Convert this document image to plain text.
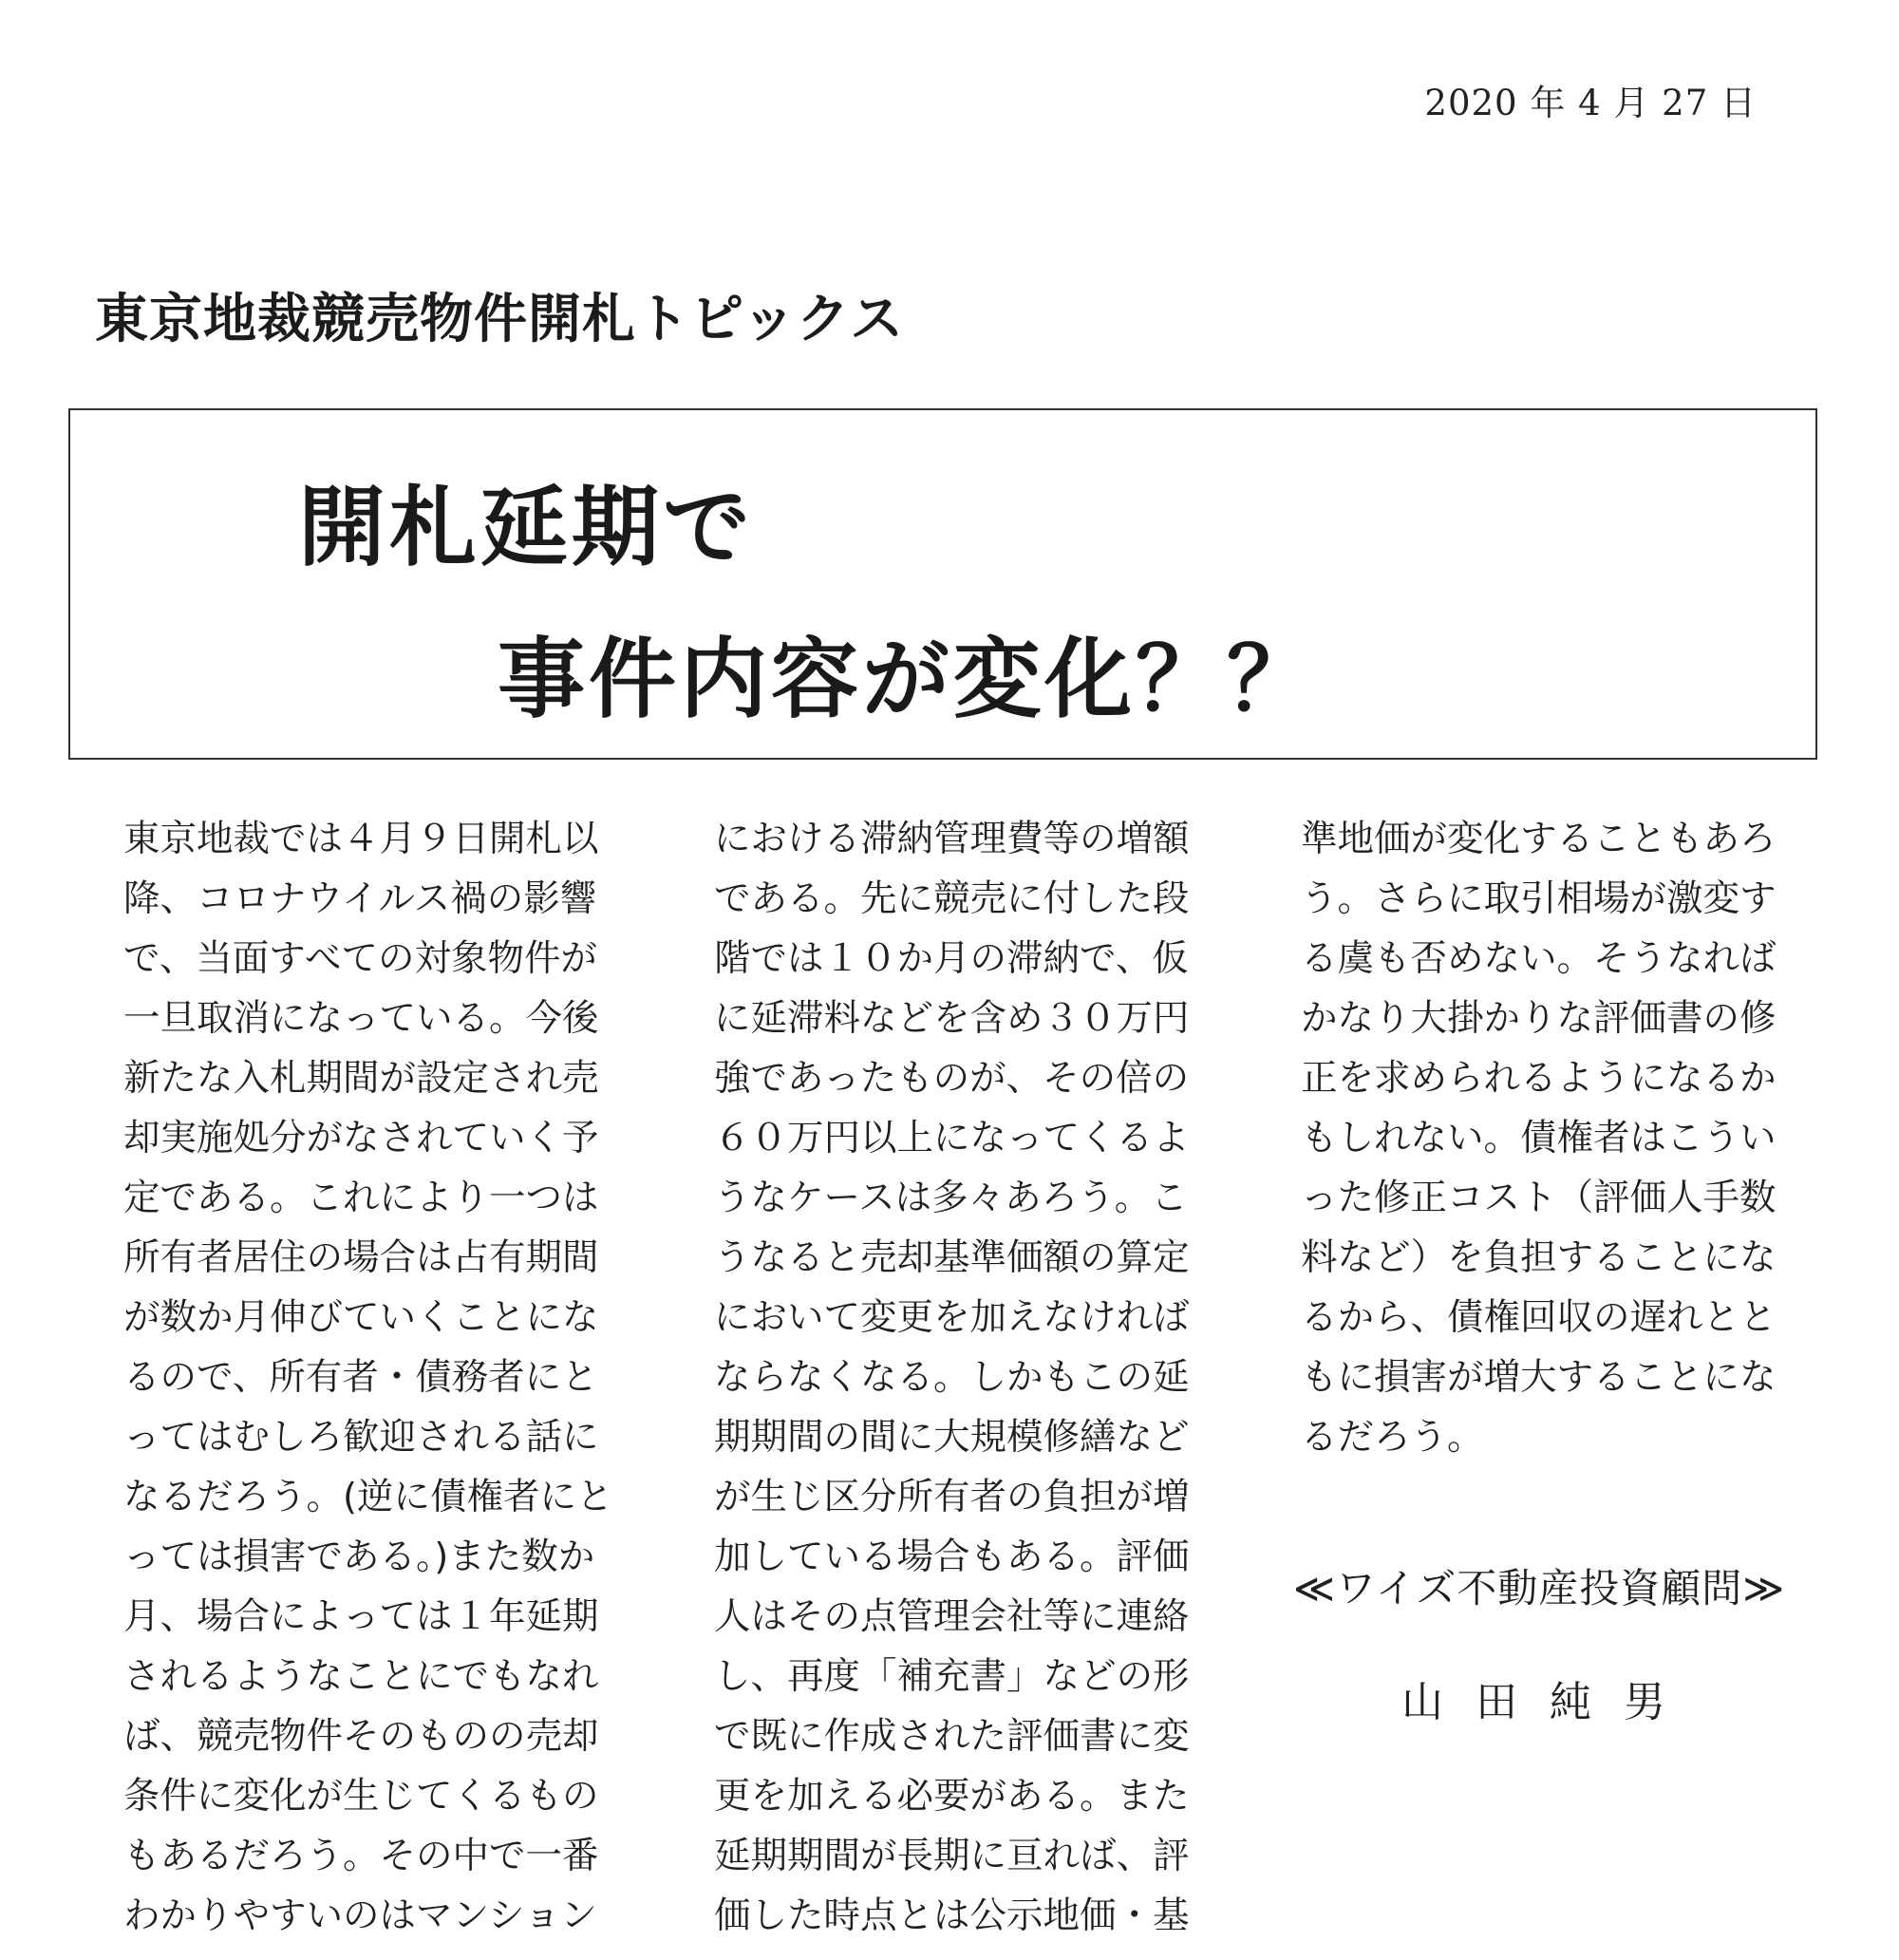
2020 年 4 月 27 日
東京地裁競売物件開札トピックス
開札延期で
事件内容が変化？？
東京地裁では４月９日開札以
降、コロナウイルス禍の影響
で、当面すべての対象物件が
一旦取消になっている。今後
新たな入札期間が設定され売
却実施処分がなされていく予
定である。これにより一つは
所有者居住の場合は占有期間
が数か月伸びていくことにな
るので、所有者・債務者にと
ってはむしろ歓迎される話に
なるだろう。(逆に債権者にと
っては損害である。)また数か
月、場合によっては１年延期
されるようなことにでもなれ
ば、競売物件そのものの売却
条件に変化が生じてくるもの
もあるだろう。その中で一番
わかりやすいのはマンション
における滞納管理費等の増額
である。先に競売に付した段
階では１０か月の滞納で、仮
に延滞料などを含め３０万円
強であったものが、その倍の
６０万円以上になってくるよ
うなケースは多々あろう。こ
うなると売却基準価額の算定
において変更を加えなければ
ならなくなる。しかもこの延
期期間の間に大規模修繕など
が生じ区分所有者の負担が増
加している場合もある。評価
人はその点管理会社等に連絡
し、再度「補充書」などの形
で既に作成された評価書に変
更を加える必要がある。また
延期期間が長期に亘れば、評
価した時点とは公示地価・基
準地価が変化することもあろ
う。さらに取引相場が激変す
る虞も否めない。そうなれば
かなり大掛かりな評価書の修
正を求められるようになるか
もしれない。債権者はこうい
った修正コスト（評価人手数
料など）を負担することにな
るから、債権回収の遅れとと
もに損害が増大することにな
るだろう。
≪ワイズ不動産投資顧問≫
山田純男
